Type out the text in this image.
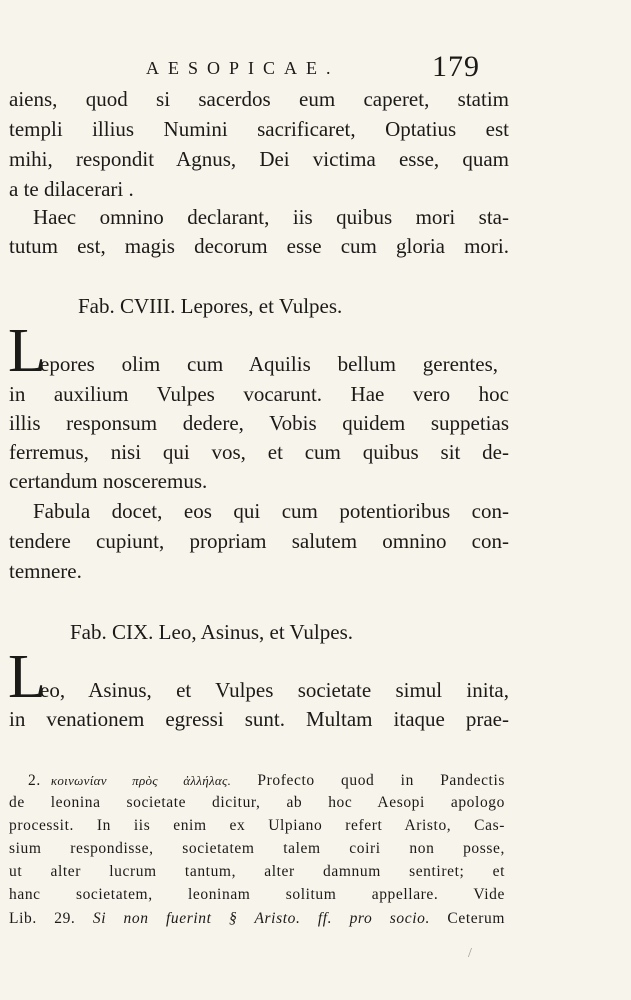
AESOPICAE.	179
aiens, quod si sacerdos eum caperet, statim
templi illius Numini sacrificaret, Optatius est
mihi, respondit Agnus, Dei victima esse, quam
a te dilacerari .
Haec omnino declarant, iis quibus mori sta-
tutum est, magis decorum esse cum gloria mori.
Fab. CVIII. Lepores, et Vulpes.
L
epores olim cum Aquilis bellum gerentes,
in auxilium Vulpes vocarunt. Hae vero hoc
illis responsum dedere, Vobis quidem suppetias
ferremus, nisi qui vos, et cum quibus sit de-
certandum nosceremus.
Fabula docet, eos qui cum potentioribus con-
tendere cupiunt, propriam salutem omnino con-
temnere.
Fab. CIX. Leo, Asinus, et Vulpes.
L
eo, Asinus, et Vulpes societate simul inita,
in venationem egressi sunt. Multam itaque prae-
2. κοινωνίαν πρὸς ἀλλήλας. Profecto quod in Pandectis
de leonina societate dicitur, ab hoc Aesopi apologo
processit. In iis enim ex Ulpiano refert Aristo, Cas-
sium respondisse, societatem talem coiri non posse,
ut alter lucrum tantum, alter damnum sentiret; et
hanc societatem, leoninam solitum appellare. Vide
Lib. 29. Si non fuerint § Aristo. ff. pro socio. Ceterum
/
